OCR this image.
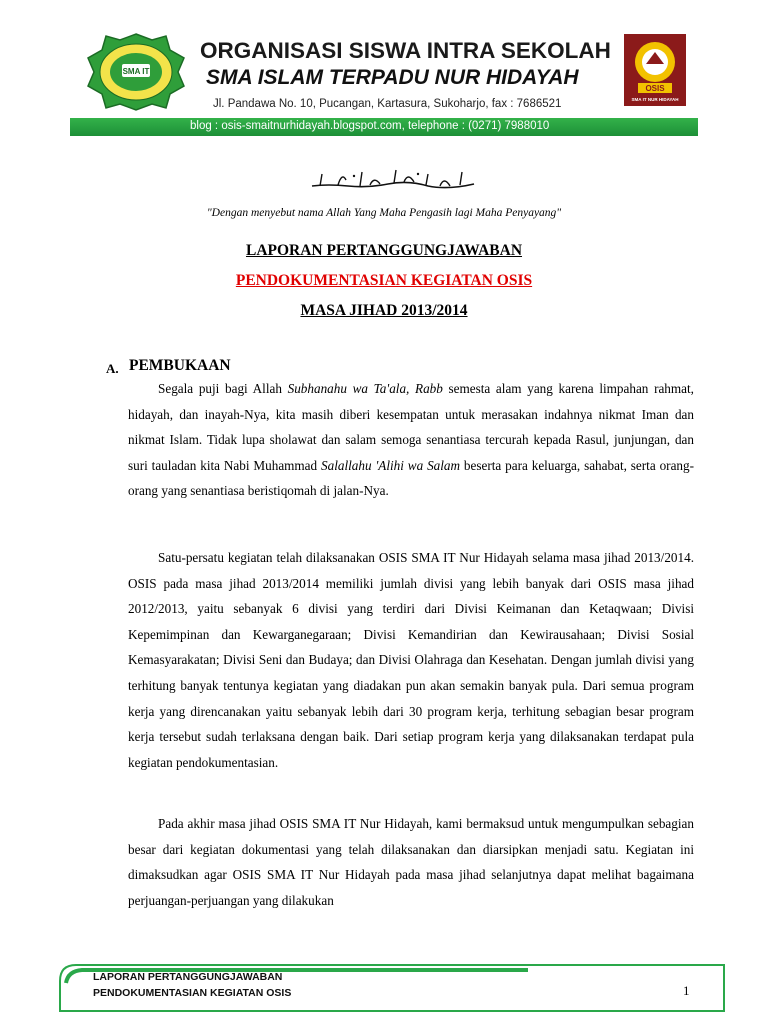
SMA IT
ORGANISASI SISWA INTRA SEKOLAH
SMA ISLAM TERPADU NUR HIDAYAH
Jl. Pandawa No. 10, Pucangan, Kartasura, Sukoharjo, fax : 7686521
OSIS
SMA IT NUR HIDAYAH
blog : osis-smaitnurhidayah.blogspot.com, telephone : (0271) 7988010
"Dengan menyebut nama Allah Yang Maha Pengasih lagi Maha Penyayang"
LAPORAN PERTANGGUNGJAWABAN
PENDOKUMENTASIAN KEGIATAN OSIS
MASA JIHAD 2013/2014
A. PEMBUKAAN
Segala puji bagi Allah Subhanahu wa Ta'ala, Rabb semesta alam yang karena limpahan rahmat, hidayah, dan inayah-Nya, kita masih diberi kesempatan untuk merasakan indahnya nikmat Iman dan nikmat Islam. Tidak lupa sholawat dan salam semoga senantiasa tercurah kepada Rasul, junjungan, dan suri tauladan kita Nabi Muhammad Salallahu 'Alihi wa Salam beserta para keluarga, sahabat, serta orang-orang yang senantiasa beristiqomah di jalan-Nya.
Satu-persatu kegiatan telah dilaksanakan OSIS SMA IT Nur Hidayah selama masa jihad 2013/2014. OSIS pada masa jihad 2013/2014 memiliki jumlah divisi yang lebih banyak dari OSIS masa jihad 2012/2013, yaitu sebanyak 6 divisi yang terdiri dari Divisi Keimanan dan Ketaqwaan; Divisi Kepemimpinan dan Kewarganegaraan; Divisi Kemandirian dan Kewirausahaan; Divisi Sosial Kemasyarakatan; Divisi Seni dan Budaya; dan Divisi Olahraga dan Kesehatan. Dengan jumlah divisi yang terhitung banyak tentunya kegiatan yang diadakan pun akan semakin banyak pula. Dari semua program kerja yang direncanakan yaitu sebanyak lebih dari 30 program kerja, terhitung sebagian besar program kerja tersebut sudah terlaksana dengan baik. Dari setiap program kerja yang dilaksanakan terdapat pula kegiatan pendokumentasian.
Pada akhir masa jihad OSIS SMA IT Nur Hidayah, kami bermaksud untuk mengumpulkan sebagian besar dari kegiatan dokumentasi yang telah dilaksanakan dan diarsipkan menjadi satu. Kegiatan ini dimaksudkan agar OSIS SMA IT Nur Hidayah pada masa jihad selanjutnya dapat melihat bagaimana perjuangan-perjuangan yang dilakukan
LAPORAN PERTANGGUNGJAWABAN
PENDOKUMENTASIAN KEGIATAN OSIS	1
